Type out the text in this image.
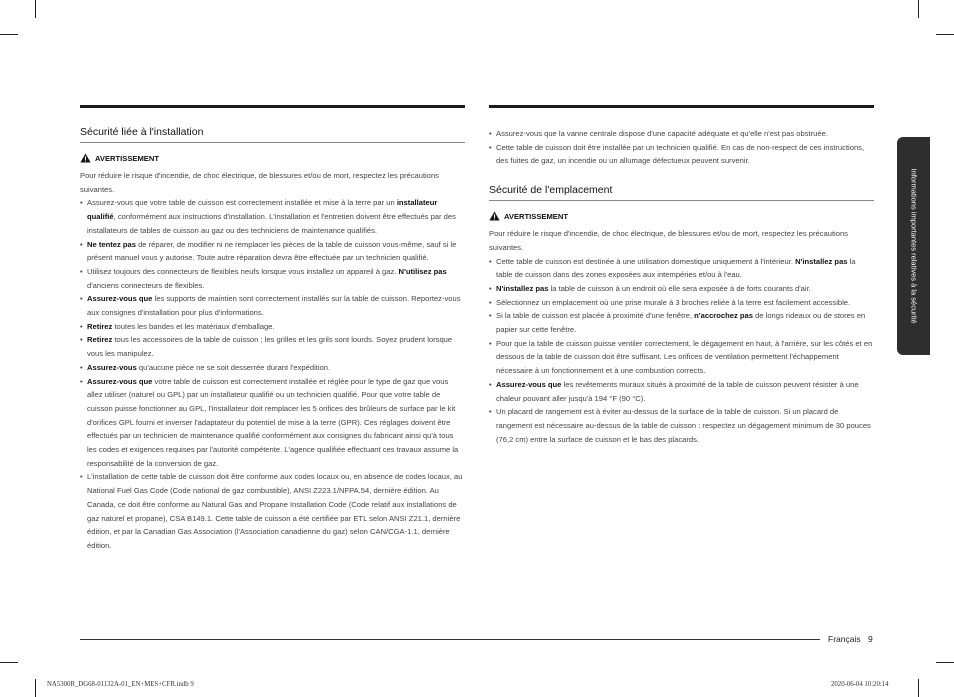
Sécurité liée à l'installation
AVERTISSEMENT

Pour réduire le risque d'incendie, de choc électrique, de blessures et/ou de mort, respectez les précautions suivantes.

• Assurez-vous que votre table de cuisson est correctement installée et mise à la terre par un installateur qualifié, conformément aux instructions d'installation. L'installation et l'entretien doivent être effectués par des installateurs de tables de cuisson au gaz ou des techniciens de maintenance qualifiés.
• Ne tentez pas de réparer, de modifier ni ne remplacer les pièces de la table de cuisson vous-même, sauf si le présent manuel vous y autorise. Toute autre réparation devra être effectuée par un technicien qualifié.
• Utilisez toujours des connecteurs de flexibles neufs lorsque vous installez un appareil à gaz. N'utilisez pas d'anciens connecteurs de flexibles.
• Assurez-vous que les supports de maintien sont correctement installés sur la table de cuisson. Reportez-vous aux consignes d'installation pour plus d'informations.
• Retirez toutes les bandes et les matériaux d'emballage.
• Retirez tous les accessoires de la table de cuisson ; les grilles et les grils sont lourds. Soyez prudent lorsque vous les manipulez.
• Assurez-vous qu'aucune pièce ne se soit desserrée durant l'expédition.
• Assurez-vous que votre table de cuisson est correctement installée et réglée pour le type de gaz que vous allez utiliser (naturel ou GPL) par un installateur qualifié ou un technicien qualifié. Pour que votre table de cuisson puisse fonctionner au GPL, l'installateur doit remplacer les 5 orifices des brûleurs de surface par le kit d'orifices GPL fourni et inverser l'adaptateur du potentiel de mise à la terre (GPR). Ces réglages doivent être effectués par un technicien de maintenance qualifié conformément aux consignes du fabricant ainsi qu'à tous les codes et exigences requises par l'autorité compétente. L'agence qualifiée effectuant ces travaux assume la responsabilité de la conversion de gaz.
• L'installation de cette table de cuisson doit être conforme aux codes locaux ou, en absence de codes locaux, au National Fuel Gas Code (Code national de gaz combustible), ANSI Z223.1/NFPA.54, dernière édition. Au Canada, ce doit être conforme au Natural Gas and Propane Installation Code (Code relatif aux installations de gaz naturel et propane), CSA B149.1. Cette table de cuisson a été certifiée par ETL selon ANSI Z21.1, dernière édition, et par la Canadian Gas Association (l'Association canadienne du gaz) selon CAN/CGA-1.1, dernière édition.
• Assurez-vous que la vanne centrale dispose d'une capacité adéquate et qu'elle n'est pas obstruée.
• Cette table de cuisson doit être installée par un technicien qualifié. En cas de non-respect de ces instructions, des fuites de gaz, un incendie ou un allumage défectueux peuvent survenir.
Sécurité de l'emplacement
AVERTISSEMENT

Pour réduire le risque d'incendie, de choc électrique, de blessures et/ou de mort, respectez les précautions suivantes.

• Cette table de cuisson est destinée à une utilisation domestique uniquement à l'intérieur. N'installez pas la table de cuisson dans des zones exposées aux intempéries et/ou à l'eau.
• N'installez pas la table de cuisson à un endroit où elle sera exposée à de forts courants d'air.
• Sélectionnez un emplacement où une prise murale à 3 broches reliée à la terre est facilement accessible.
• Si la table de cuisson est placée à proximité d'une fenêtre, n'accrochez pas de longs rideaux ou de stores en papier sur cette fenêtre.
• Pour que la table de cuisson puisse ventiler correctement, le dégagement en haut, à l'arrière, sur les côtés et en dessous de la table de cuisson doit être suffisant. Les orifices de ventilation permettent l'échappement nécessaire à un fonctionnement et à une combustion corrects.
• Assurez-vous que les revêtements muraux situés à proximité de la table de cuisson peuvent résister à une chaleur pouvant aller jusqu'à 194 °F (90 °C).
• Un placard de rangement est à éviter au-dessus de la surface de la table de cuisson. Si un placard de rangement est nécessaire au-dessus de la table de cuisson : respectez un dégagement minimum de 30 pouces (76,2 cm) entre la surface de cuisson et le bas des placards.
Informations importantes relatives à la sécurité
Français 9
NA5300R_DG68-01132A-01_EN+MES+CFR.indb 9	2020-06-04 10:20:14
